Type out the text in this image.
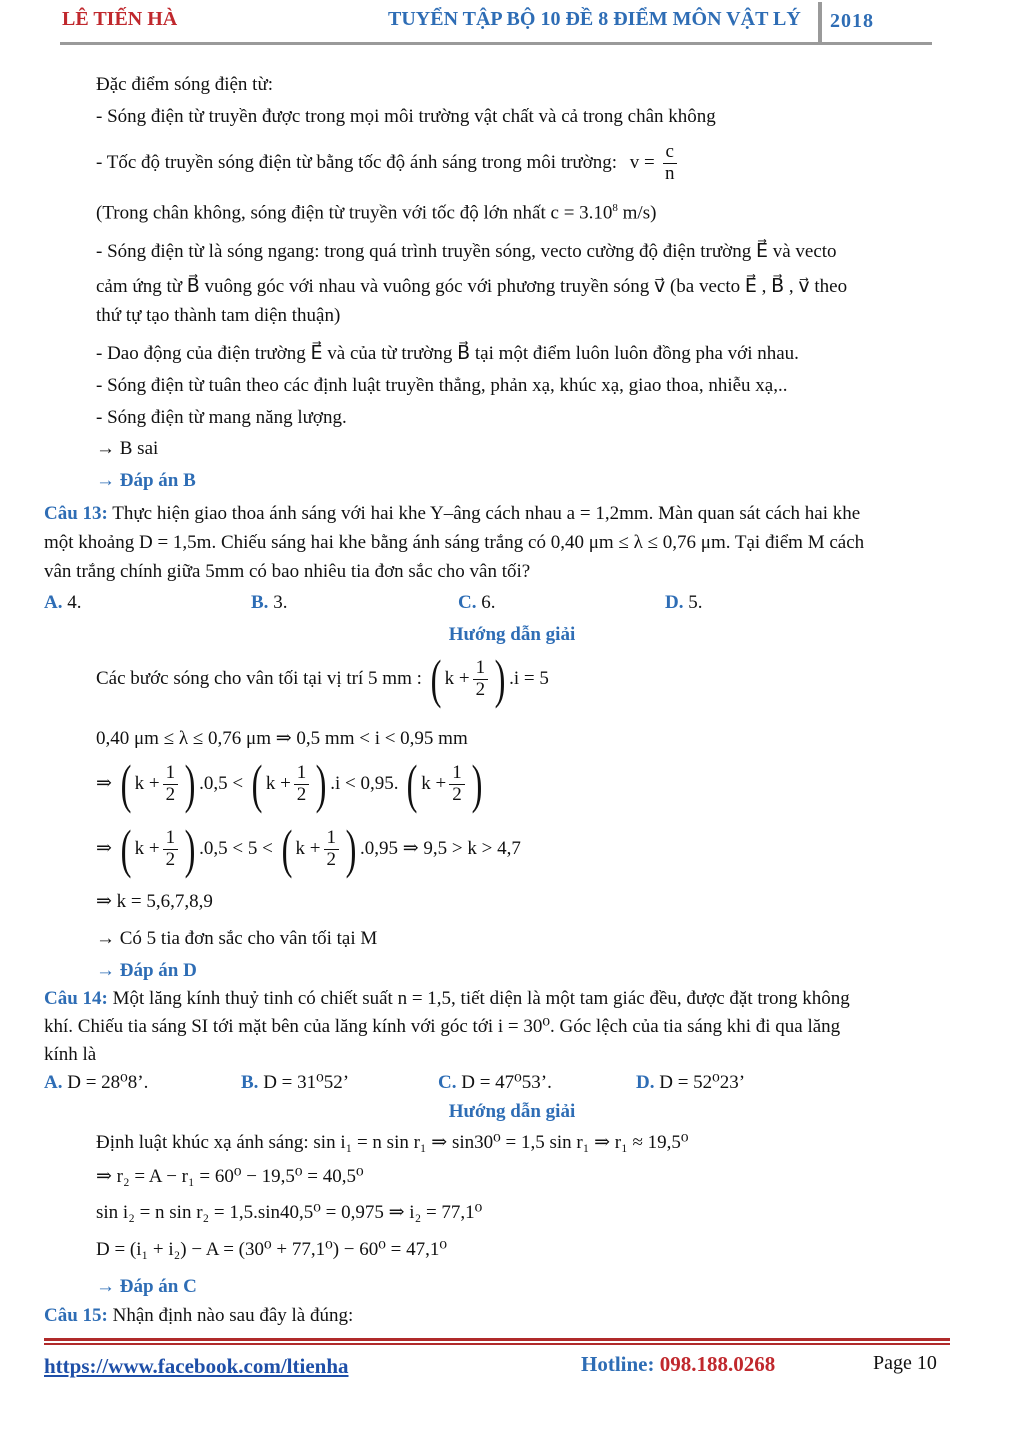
LÊ TIẾN HÀ	TUYỂN TẬP BỘ 10 ĐỀ 8 ĐIỂM MÔN VẬT LÝ 2018
Đặc điểm sóng điện từ:
- Sóng điện từ truyền được trong mọi môi trường vật chất và cả trong chân không
- Tốc độ truyền sóng điện từ bằng tốc độ ánh sáng trong môi trường: $v = \frac{c}{n}$
(Trong chân không, sóng điện từ truyền với tốc độ lớn nhất $c = 3.10^8$ m/s)
- Sóng điện từ là sóng ngang: trong quá trình truyền sóng, vecto cường độ điện trường E⃗ và vecto
cảm ứng từ B⃗ vuông góc với nhau và vuông góc với phương truyền sóng v⃗ (ba vecto E⃗ , B⃗ , v⃗ theo
thứ tự tạo thành tam diện thuận)
- Dao động của điện trường E⃗ và của từ trường B⃗ tại một điểm luôn luôn đồng pha với nhau.
- Sóng điện từ tuân theo các định luật truyền thẳng, phản xạ, khúc xạ, giao thoa, nhiễu xạ,..
- Sóng điện từ mang năng lượng.
→ B sai
→ Đáp án B
Câu 13: Thực hiện giao thoa ánh sáng với hai khe Y–âng cách nhau a = 1,2mm. Màn quan sát cách hai khe
một khoảng D = 1,5m. Chiếu sáng hai khe bằng ánh sáng trắng có 0,40 μm ≤ λ ≤ 0,76 μm. Tại điểm M cách
vân trắng chính giữa 5mm có bao nhiêu tia đơn sắc cho vân tối?
A. 4.	B. 3.	C. 6.	D. 5.
Hướng dẫn giải
Các bước sóng cho vân tối tại vị trí 5 mm : ( $k + \frac{1}{2}$ ) .i = 5
0,40 μm ≤ λ ≤ 0,76 μm ⇒ 0,5 mm < i < 0,95 mm
⇒ ( $k + \frac{1}{2}$ ) .0,5 < ( $k + \frac{1}{2}$ ) .i < 0,95. ( $k + \frac{1}{2}$ )
⇒ ( $k + \frac{1}{2}$ ) .0,5 < 5 < ( $k + \frac{1}{2}$ ) .0,95 ⇒ 9,5 > k > 4,7
⇒ k = 5,6,7,8,9
→ Có 5 tia đơn sắc cho vân tối tại M
→ Đáp án D
Câu 14: Một lăng kính thuỷ tinh có chiết suất n = 1,5, tiết diện là một tam giác đều, được đặt trong không
khí. Chiếu tia sáng SI tới mặt bên của lăng kính với góc tới i = 30⁰. Góc lệch của tia sáng khi đi qua lăng
kính là
A. D = 28⁰8’.	B. D = 31⁰52’	C. D = 47⁰53’.	D. D = 52⁰23’
Hướng dẫn giải
Định luật khúc xạ ánh sáng: sin i₁ = n sin r₁ ⇒ sin30⁰ = 1,5 sin r₁ ⇒ r₁ ≈ 19,5⁰
⇒ r₂ = A − r₁ = 60⁰ − 19,5⁰ = 40,5⁰
sin i₂ = n sin r₂ = 1,5.sin40,5⁰ = 0,975 ⇒ i₂ = 77,1⁰
D = (i₁ + i₂) − A = (30⁰ + 77,1⁰) − 60⁰ = 47,1⁰
→ Đáp án C
Câu 15: Nhận định nào sau đây là đúng:
https://www.facebook.com/ltienha	Hotline: 098.188.0268	Page 10
